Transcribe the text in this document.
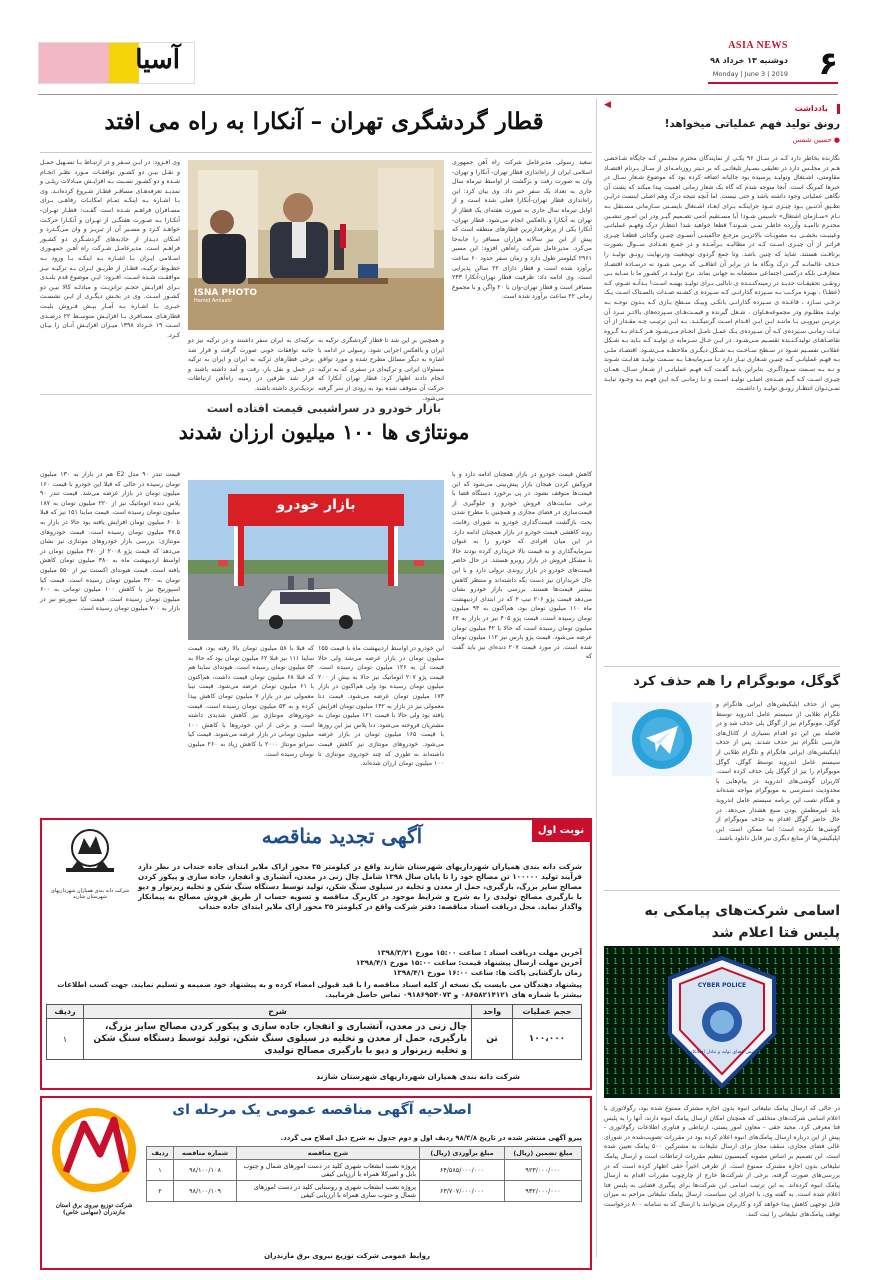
۶
ASIA NEWS
دوشنبه ۱۳ خرداد ۹۸
Monday | June 3 | 2019
آسیا
یادداشت
◀
رونق تولید فهم عملیاتی میخواهد!
● حسین شمس
نگارنده بخاطر دارد کـه در سـال ۹۶ یکـی از نمایندگان محترم مجلـس کـه جایگاه شـاخصی هـم در مجلـس دارد در تعلیقی بسـیار تلیغاتـی که بر تـیتر روزنامـه‌ای از سـال بـرنام اقتصـاد مقاومتی، اشـتغال وتولیـد پرسیده بود جالبانه اضافه کرده بود که موضوع شـعار سـال در خبرها کمرنگ است. آنجا متوجه شدم که گاه یک شعار زمانی اهمیت پیدا میکند که پشت آن نگاهی عملیاتی وجود داشته باشد و حتی نیست. اما آنچه نتیجه درک وهم اصلی اینست درایـن تطـیق آذتنـین بـود چیـزی تنـود جزاینکـه بـرای ابعـاد اشـتغال بایسـتی سـازمانی مسـتقل بـه نـام «سـازمان اشتغال» تاسیس شـود! آیا مسـتقیم آدمی تصـمیم گیـر ودر این امـور تنشـین محتـرم ناامیـد وآزرده خاطـر نمـی شـوند؟ قطعا خواهید شد! انتظـار درک وفهـم عملیاتـی وعینیـت بخشـی بـه مصوبـات بالاتریـن مرجـع حاکمیتـی آنسـوی چنیـن وگذاتی قطعـا چیـزی فراتـر از آن چیـزی اسـت کـه در مطالبـه بـرآمـده و در جمـع تعـدادی ســوال بصورت برتافـت هستند. شاید که چنین باشد. وتا جمع گردوی تویجعیت ودرنهایت رونـق تولیـد را حـذف عالمانـه گـر درک ونگاه ما در برابر آن اتفاقـی که برمی شـود نه درسـاده اقتصـاد متعارفـی بلکه درکسی اجتماعی منصفانه به جهانی بماند. نرخ تولیـد در کشـور ما با سـایه بـی رونقـی تحقیقـات جدیـد در زمینه‌کنـنـده ی نابالبی بـرای تولیـد بهینـه اسـت! بـدآنـه شـوم، کـه (عطـا) ، بهـره مرکـب بـه سـپرده گذارانـی کـه سـپرده ی کشـنه صـدات بالسـتاک اسـت یـک نرخـی سـازد ، قاعـده ی سـپرده گذارانـی بانکـی وبیـک سـطح بـازی کـه بـدون توجـه بـه تولیـد مطلـوم ودر مجموعه‌هـاوان ، شـغل گیرنده و قیمـت‌هـای سـپرده‌های بالاتـر نبـرد آن برتریـن نیرویـی بـا ماننـد ایـن ایـن اقـدام اسـت گرنتیکـنـد. بـه ایـن ترتیـب چـه مقـدار از آن ثبـات زمانـی سـپرده‌ی کـه آن سـپرده‌ی یـک عمـل تامـل انجـام مـی‌شـود هـر کـدام بـه گـروه تقاضـا‌هـای تولیدکـنـنده تقسـیم مـی‌شـود. در ایـن حـال سـرمایه ی تولیـد کـه بـاید بـه شـکل عقلانـی تقسـیم شـود در سـطح سـاخـت بـه شـکل دیگـری ملاحظـه مـی‌شـود. اقتصـاد ملـی بـه فهـم عملیاتـی کـه چنیـن شـعاری نیـاز دارد تـا سـرمایه‌هـا بـه سـمت تولیـد هدایـت شـوند و نـه بـه سـمت سـوداگـری. بنابراین بایـد گفـت کـه فهـم عملیاتـی از شـعار سـال، همـان چیـزی اسـت کـه گـم شـده‌ی اصلـی تولیـد اسـت و تـا زمانـی کـه ایـن فهـم بـه وجـود نیایـد نمـی‌تـوان انتظـار رونـق تولیـد را داشـت.
گوگل، موبوگرام را هم حذف کرد
پس از حذف اپلیکیشن‌های ایرانی هاتگرام و تلگرام طلایی از سیستم عامل اندروید توسط گوگل، موبوگرام نیز از گوگل پلی حذف شد و در فاصله بین این دو اقدام بسیاری از کانال‌های فارسی تلگرام نیز حذف شدند. پس از حذف اپلیکیشن‌های ایرانی هاتگرام و تلگرام طلایی از سیستم عامل اندروید توسط گوگل، گوگل موبوگرام را نیز از گوگل پلی حذف کرده است. کاربران گوشی‌های اندروید در پیام‌هایی با محدودیت دسترسی به موبوگرام مواجه شده‌اند و هنگام نصب این برنامه سیستم عامل اندروید باید غیرمطمئن بودن منبع هشدار می‌دهد. در حال حاضر گوگل اقدام به حذف موبوگرام از گوشی‌ها نکرده است؛ اما ممکن است این اپلیکیشن‌ها از منابع دیگری نیز قابل دانلود باشند.
اسامی شرکت‌های پیامکی به پلیس فتا اعلام شد
CYBER POLICE
پلیس فضای تولید و تبادل اطلاعات
در حالی که ارسال پیامک تبلیغاتی انبوه بدون اجازه مشترک ممنوع شده بود، رگولاتوری با اعلام اسامی شرکت‌های متخلفی که همچنان امکان ارسال پیامک انبوه دارند، آنها را به پلیس فتا معرفی کرد. مجید حقی - معاون امور پستی، ارتباطی و فناوری اطلاعات رگولاتوری - پیش از این درباره ارسال پیامک‌های انبوه اعلام کرده بود در مقررات تصویب‌شده در شورای عالی فضای مجازی، سقف مجاز برای ارسال تبلیغات به مشترکین ۵۰۰ پیامک تعیین شده است. این تصمیم بر اساس مصوبه کمیسیون تنظیم مقررات ارتباطات است و ارسال پیامک تبلیغاتی بدون اجازه مشترک ممنوع است. از طرفی اخیراً حقی اظهار کرده است که در بررسی‌های صورت گرفته، برخی از شرکت‌ها خارج از چارچوب مقررات اقدام به ارسال پیامک انبوه کرده‌اند. به این ترتیب اسامی این شرکت‌ها برای پیگیری قضایی به پلیس فتا اعلام شده است. به گفته وی، با اجرای این سیاست، ارسال پیامک تبلیغاتی مزاحم به میزان قابل توجهی کاهش پیدا خواهد کرد و کاربران می‌توانند با ارسال کد به سامانه ۸۰۰ درخواست توقف پیامک‌های تبلیغاتی را ثبت کنند.
قطار گردشگری تهران – آنکارا به راه می افتد
سعید رسولی مدیرعامل شرکت راه آهن جمهوری اسلامی ایران از راه‌اندازی قطار تهران- آنکارا و تهران-وان به صورت رفت و برگشت از اواسط تیرماه سال جاری به تعداد یک سفر خبر داد. وی بیان کرد: این راه‌اندازی قطار تهران-آنکارا فعلی شده است و از اوایل تیرماه سال جاری به صورت هفته‌ای یک قطار از تهران به آنکارا و بالعکس انجام می‌شود. قطار تهران-آنکارا یکی از پرطرفدارترین قطارهای منطقه است که پیش از این نیز سالانه هزاران مسافر را جابه‌جا می‌کرد. مدیرعامل شرکت راه‌آهن افزود: این مسیر ۲۹۶۱ کیلومتر طول دارد و زمان سفر حدود ۶۰ ساعت برآورد شده است و قطار دارای ۲۲ سالن پذیرایی است. وی ادامه داد: ظرفیت قطار تهران-آنکارا ۲۴۳ مسافر است و قطار تهران-وان با ۲۰ واگن و با مجموع زمانی ۲۲ ساعت برآورد شده است.
ISNA PHOTO
Hamid Amlashi
وی افـزود: در ایـن سـفر و در ارتبـاط بـا تسـهیل حمـل و نقـل بیـن دو کشـور توافقـات مـورد نظـر انجـام شـده و دو کشـور نسـبت بـه افزایـش مبـادلات ریلـی و تمدیـد تعرفه‌هـای مسافـر قطـار شـروع کرده‌انـد. وی بـا اشـاره بـه اینکـه تمـام امکانـات رفاهـی بـرای مسـافران فراهـم شـده است گفـت: قطـار تهـران-آنکـارا بـه صـورت هفتگـی از تهـران و آنکـارا حرکـت خواهـد کـرد و مسـیر آن از تبریـز و وان می‌گـذرد و امـکان دیـدار از جاذبه‌های گردشـگری دو کشـور فراهـم است. مدیرعامـل شـرکت راه آهـن جمهـوری اسـلامی ایـران بـا اشـاره بـه اینکـه بـا ورود بـه خطـوط ترکیـه، قطـار از طریـق ایـران بـه ترکیـه نیـز موافقـت شـده اسـت، افـزود: ایـن موضوع قدم بلنـدی بـرای افزایـش حجـم ترانزیـت و مبادلـه کالا بیـن دو کشـور اسـت. وی در بخـش دیگـری از ایـن نشسـت خبـری بـا اشـاره بـه آمـار بیـش فـروش بلیـت قطارهـای مسـافری بـا افزایـش متوسـط ۲۲ درصـدی اسـت ۱۹ خـرداد ۱۳۹۸ میـزان افزایـش آنـان را بیـان کـرد.
ترکیه‌ای به ایران سفر داشتند و در ترکیه نیز دو جانبه توافقات خوبی صورت گرفت و قرار شد برخی قطارهای ترکیه به ایران و ایران به ترکیه در حمل و نقل بار، رفت و آمد داشته باشند و قرار شد طرفین در زمینه راه‌آهن ارتباطات نزدیک‌تری داشته باشند.
و همچنین بر این شد تا قطار گردشگری ترکیه به ایران و بالعکس اجرایی شود. رسولی در ادامه با اشاره به دیگر مسائل مطرح شده و مورد توافق مسئولان ایرانی و ترکیه‌ای در سفری که به ترکیه انجام دادند اظهار کرد: قطار تهران آنکارا که حرکت آن متوقف شده بود به زودی از سر گرفته می‌شود.
بازار خودرو در سراشیبی قیمت افتاده است
مونتاژی ها ۱۰۰ میلیون ارزان شدند
کاهش قیمت خودرو در بازار همچنان ادامه دارد و با فروکش کردن هیجان بازار پیش‌بینی می‌شود که این قیمت‌ها متوقف نشود. در پی برخورد دستگاه قضا با برخی سایت‌های فروش خودرو و جلوگیری از قیمت‌سازی در فضای مجازی و همچنین با مطرح شدن بحث بازگشت قیمت‌گذاری خودرو به شورای رقابت، روند کاهشی قیمت خودرو در بازار همچنان ادامه دارد. در این میان افرادی که خودرو را به عنوان سرمایه‌گذاری و به قیمت بالا خریداری کرده بودند حالا با مشکل فروش در بازار روبرو هستند. در حال حاضر قیمت‌های خودرو در بازار روندی نزولی دارد و با این حال خریداران نیز دست نگه داشته‌اند و منتظر کاهش بیشتر قیمت‌ها هستند. بررسی بازار خودرو نشان می‌دهد قیمت پژو ۲۰۶ تیپ ۲ که در ابتدای اردیبهشت ماه ۱۱۰ میلیون تومان بود، هم‌اکنون به ۹۴ میلیون تومان رسیده است. قیمت پژو ۴۰۵ نیز در بازار به ۶۲ میلیون تومان رسیده است که حالا با ۴۲ میلیون تومان عرضه می‌شود. قیمت پژو پارس نیز ۱۱۲ میلیون تومان شده است. در مورد قیمت ۲۰۷ دنده‌ای نیز باید گفت که
بازار خودرو
این خودرو در اواسط اردیبهشت ماه با قیمت ۱۵۵ میلیون تومان در بازار عرضه می‌شد ولی حالا قیمت آن به ۱۲۶ میلیون تومان رسیده است. قیمت پژو ۲۰۷ اتوماتیک نیز حالا به بیش از ۲۰۰ میلیون تومان رسیده بود ولی هم‌اکنون در بازار ۱۷۳ میلیون تومان عرضه می‌شود. قیمت دنا معمولی نیز در بازار به ۱۴۲ میلیون تومان افزایش یافته بود ولی حالا با قیمت ۱۲۱ میلیون تومان به مشتریان فروخته می‌شود. دنا پلاس نیز این روزها با قیمت ۱۶۵ میلیون تومان در بازار عرضه می‌شود. خودروهای مونتاژی نیز کاهش قیمت داشته‌اند به طوری که چند خودروی مونتاژی تا ۱۰۰ میلیون تومان ارزان شده‌اند.
که قبلا با ۵۸ میلیون تومان بالا رفته بود، قیمت ساینا ۱۱۱ نیز قبلا ۶۲ میلیون تومان بود که حالا به ۵۴ میلیون تومان رسیده است. هیوندای ساینا هم که قبلا ۶۸ میلیون تومان قیمت داشت، هم‌اکنون با ۶۱ میلیون تومان عرضه می‌شود. قیمت تیبا معمولی نیز در بازار ۷ میلیون تومان کاهش پیدا کرده و به ۵۳ میلیون تومان رسیده است. قیمت خودروهای مونتاژی نیز کاهش شدیدی داشته است و برخی از این خودروها با کاهش ۱۰۰ میلیون تومانی در بازار عرضه می‌شوند. قیمت کیا سراتو مونتاژ ۲۰۰۰ با کاهش زیاد به ۲۶۰ میلیون تومان رسیده است.
قیمت تندر ۹۰ مدل E2 هم در بازار به ۱۳۰ میلیون تومان رسیده در حالی که قبلا این خودرو با قیمت ۱۶۰ میلیون تومان در بازار عرضه می‌شد. قیمت تندر ۹۰ پلاس دنده اتوماتیک نیز از ۲۲۰ میلیون تومان به ۱۸۷ میلیون تومان رسیده است. قیمت ساینا ۱۵۱ نیز که قبلا تا ۶۰ میلیون تومان افزایش یافته بود حالا در بازار به ۴۷.۵ میلیون تومان رسیده است. قیمت خودروهای مونتاژی: بررسی بازار خودروهای مونتاژی نیز نشان می‌دهد که قیمت پژو ۲۰۰۸ از ۴۷۰ میلیون تومان در اواسط اردیبهشت ماه به ۳۸۰ میلیون تومان کاهش یافته است. قیمت هیوندای اکسنت نیز از ۵۵۰ میلیون تومان به ۴۲۰ میلیون تومان رسیده است. قیمت کیا اسپورتیج نیز با کاهش ۱۰۰ میلیون تومانی به ۶۰۰ میلیون تومان رسیده است. قیمت کیا سورنتو نیز در بازار به ۷۰۰ میلیون تومان رسیده است.
نوبت اول
آگهی تجدید مناقصه
شرکت دانه بندی همیاران شهرداریهای شهرستان شازند
شرکت دانه بندی همیاران شهرداریهای شهرستان شازند واقع در کیلومتر ۳۵ محور اراک ملایر ابتدای جاده خنداب در نظر دارد فرآیند تولید ۱۰۰۰۰۰ تن مصالح خود را تا پایان سال ۱۳۹۸ شامل چال زنی در معدن، آتشباری و انفجار، جاده سازی و پیکور کردن مصالح سایز بزرگ، بارگیری، حمل از معدن و تخلیه در سیلوی سنگ شکن، تولید توسط دستگاه سنگ شکن و تخلیه زیرنوار و دپو با بارگیری مصالح تولیدی را به شرح و شرایط موجود در کاربرگ مناقصه و تسویه حساب از طریق فروش مصالح به پیمانکار واگذار نماید. محل دریافت اسناد مناقصه: دفتر شرکت واقع در کیلومتر ۳۵ محور اراک ملایر ابتدای جاده خنداب
آخرین مهلت دریافت اسناد : ساعت ۱۵:۰۰ مورخ ۱۳۹۸/۳/۲۱
آخرین مهلت ارسال پیشنهاد قیمت: ساعت ۱۵:۰۰ مورخ ۱۳۹۸/۴/۱
زمان بازگشایی پاکت ها: ساعت ۱۶:۰۰ مورخ ۱۳۹۸/۴/۱
پیشنهاد دهندگان می بایست یک نسخه از کلیه اسناد مناقصه را با قید قبولی امضاء کرده و به پیشنهاد خود ضمیمه و تسلیم نمایند. جهت کسب اطلاعات بیشتر با شماره های ۰۸۶۵۸۲۱۴۱۲۱ و ۰۹۱۸۶۹۵۴۰۷۳ تماس حاصل فرمایید.
ردیف	شرح	واحد	حجم عملیات
۱	چال زنی در معدن، آتشباری و انفجار، جاده سازی و پیکور کردن مصالح سایز بزرگ، بارگیری، حمل از معدن و تخلیه در سیلوی سنگ شکن، تولید توسط دستگاه سنگ شکن و تخلیه زیرنوار و دپو با بارگیری مصالح تولیدی	تن	۱۰۰،۰۰۰
شرکت دانه بندی همیاران شهرداریهای شهرستان شازند
اصلاحیه آگهی مناقصه عمومی یک مرحله ای
پیرو آگهی منتشر شده در تاریخ ۹۸/۳/۸ ردیف اول و دوم جدول به شرح ذیل اصلاح می گردد.
شرکت توزیع نیروی برق استان مازندران (سهامی خاص)
ردیف	شماره مناقصه	شرح مناقصه	مبلغ برآوردی (ریال)	مبلغ تضمین (ریال)
۱	۹۸/۱۰۰/۱۰۸	پروژه نصب انشعاب شهری کلید در دست امورهای شمال و جنوب بابل و امیرکلا همراه با ارزیابی کیفی	۶۴/۵۸۵/۰۰۰/۰۰۰	۹۲۳/۰۰۰/۰۰۰
۲	۹۸/۱۰۰/۱۰۹	پروژه نصب انشعاب شهری و روستایی کلید در دست امورهای شمال و جنوب ساری همراه با ارزیابی کیفی	۶۳/۷۰۷/۰۰۰/۰۰۰	۹۳۲/۰۰۰/۰۰۰
روابط عمومی شرکت توزیع نیروی برق مازندران
